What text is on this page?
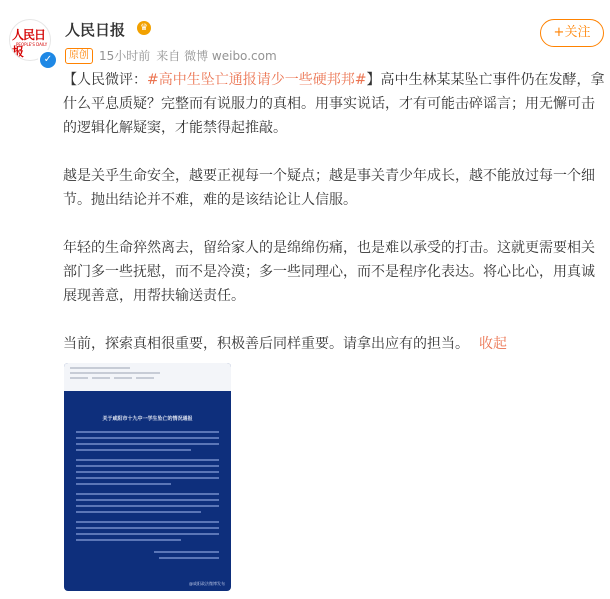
人民日报
PEOPLE'S DAILY
✓
人民日报	♛
原创 15小时前 来自 微博 weibo.com
+关注

【人民微评：#高中生坠亡通报请少一些硬邦邦#】高中生林某某坠亡事件仍在发酵，拿什么平息质疑？完整而有说服力的真相。用事实说话，才有可能击碎谣言；用无懈可击的逻辑化解疑窦，才能禁得起推敲。

越是关乎生命安全，越要正视每一个疑点；越是事关青少年成长，越不能放过每一个细节。抛出结论并不难，难的是该结论让人信服。

年轻的生命猝然离去，留给家人的是绵绵伤痛，也是难以承受的打击。这就更需要相关部门多一些抚慰，而不是冷漠；多一些同理心，而不是程序化表达。将心比心，用真诚展现善意，用帮扶输送责任。

当前，探索真相很重要，积极善后同样重要。请拿出应有的担当。 收起

关于咸阳市十九中一学生坠亡的情况通报
@咸阳政法微博发布
